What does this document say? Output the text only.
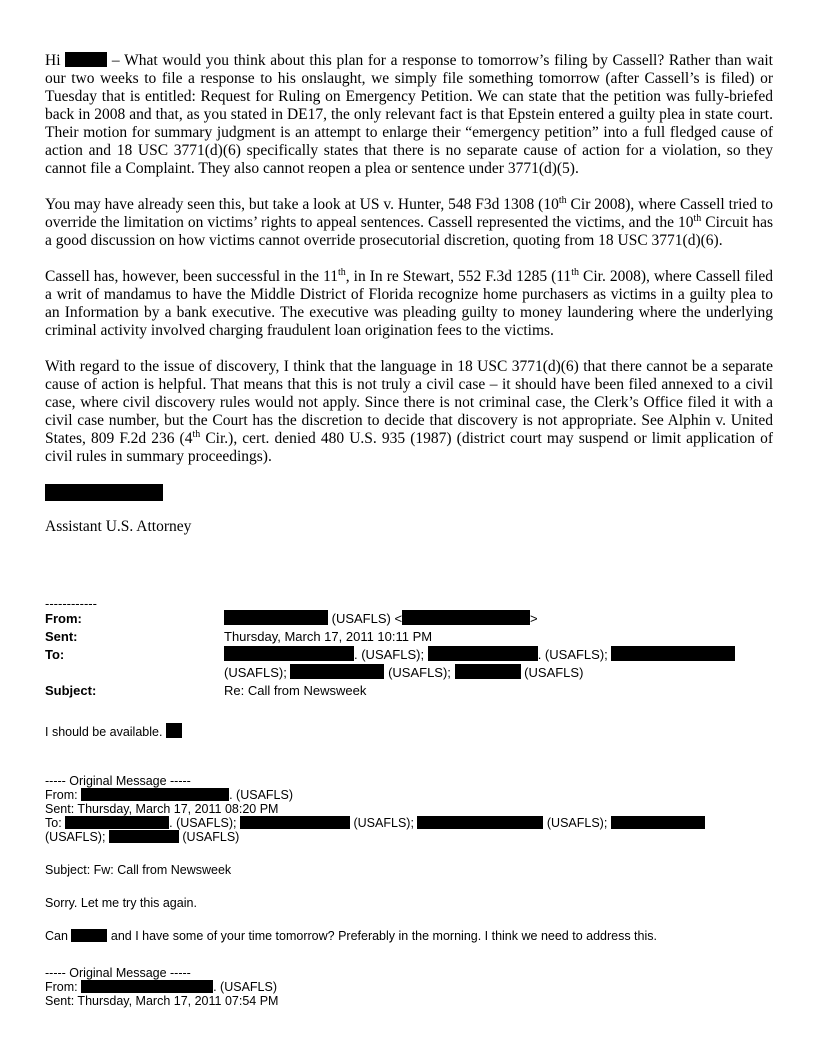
Hi	– What would you think about this plan for a response to tomorrow’s filing by Cassell? Rather than wait our two weeks to file a response to his onslaught, we simply file something tomorrow (after Cassell’s is filed) or Tuesday that is entitled: Request for Ruling on Emergency Petition. We can state that the petition was fully-briefed back in 2008 and that, as you stated in DE17, the only relevant fact is that Epstein entered a guilty plea in state court. Their motion for summary judgment is an attempt to enlarge their “emergency petition” into a full fledged cause of action and 18 USC 3771(d)(6) specifically states that there is no separate cause of action for a violation, so they cannot file a Complaint. They also cannot reopen a plea or sentence under 3771(d)(5).

You may have already seen this, but take a look at US v. Hunter, 548 F3d 1308 (10th Cir 2008), where Cassell tried to override the limitation on victims’ rights to appeal sentences. Cassell represented the victims, and the 10th Circuit has a good discussion on how victims cannot override prosecutorial discretion, quoting from 18 USC 3771(d)(6).

Cassell has, however, been successful in the 11th, in In re Stewart, 552 F.3d 1285 (11th Cir. 2008), where Cassell filed a writ of mandamus to have the Middle District of Florida recognize home purchasers as victims in a guilty plea to an Information by a bank executive. The executive was pleading guilty to money laundering where the underlying criminal activity involved charging fraudulent loan origination fees to the victims.

With regard to the issue of discovery, I think that the language in 18 USC 3771(d)(6) that there cannot be a separate cause of action is helpful. That means that this is not truly a civil case – it should have been filed annexed to a civil case, where civil discovery rules would not apply. Since there is not criminal case, the Clerk’s Office filed it with a civil case number, but the Court has the discretion to decide that discovery is not appropriate. See Alphin v. United States, 809 F.2d 236 (4th Cir.), cert. denied 480 U.S. 935 (1987) (district court may suspend or limit application of civil rules in summary proceedings).

Assistant U.S. Attorney
------------
From:	(USAFLS) <	>
Sent:	Thursday, March 17, 2011 10:11 PM
To:	. (USAFLS);	. (USAFLS);
(USAFLS);	(USAFLS);	(USAFLS)
Subject:	Re: Call from Newsweek
I should be available.
----- Original Message -----
From:	. (USAFLS)
Sent: Thursday, March 17, 2011 08:20 PM
To:	. (USAFLS);	(USAFLS);	(USAFLS);
(USAFLS);	(USAFLS)
Subject: Fw: Call from Newsweek
Sorry. Let me try this again.
Can	and I have some of your time tomorrow? Preferably in the morning. I think we need to address this.
----- Original Message -----
From:	. (USAFLS)
Sent: Thursday, March 17, 2011 07:54 PM
